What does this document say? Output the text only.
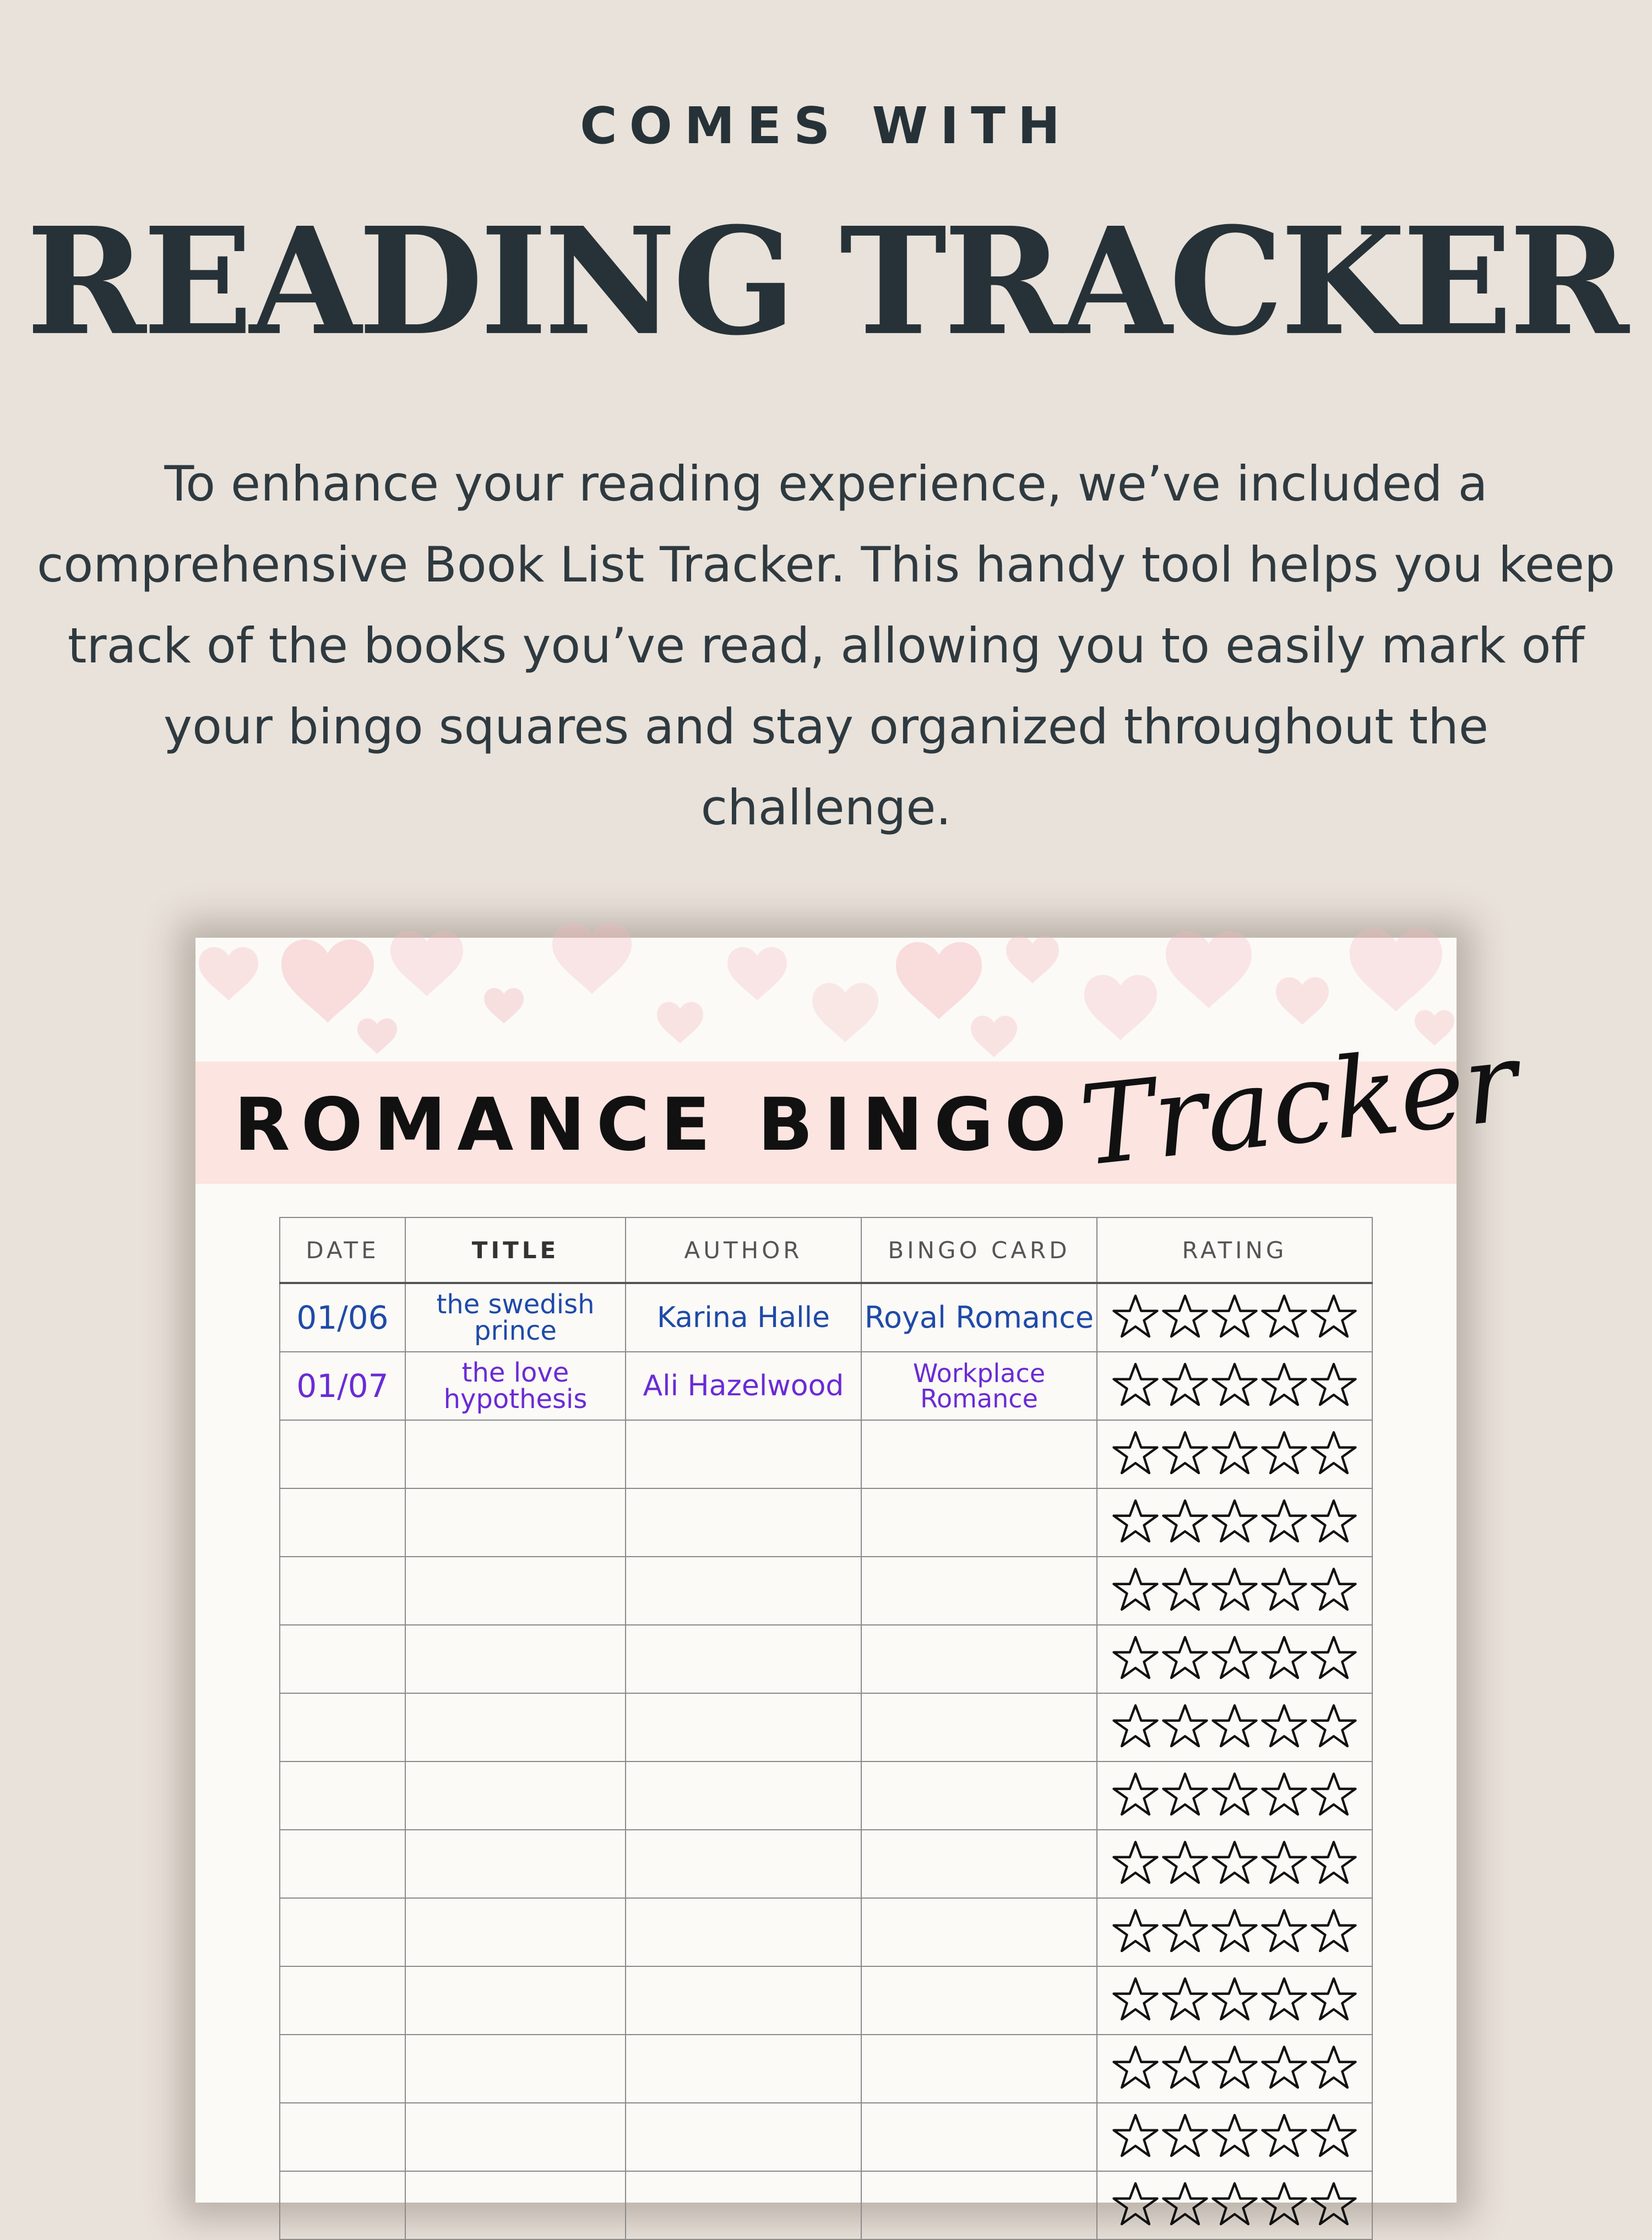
COMES WITH
READING TRACKER
To enhance your reading experience, we’ve included a comprehensive Book List Tracker. This handy tool helps you keep track of the books you’ve read, allowing you to easily mark off your bingo squares and stay organized throughout the challenge.
ROMANCE BINGO
Tracker
DATE	TITLE	AUTHOR	BINGO CARD	RATING
01/06	the swedish prince	Karina Halle	Royal Romance	

01/07	the love hypothesis	Ali Hazelwood	Workplace Romance	
